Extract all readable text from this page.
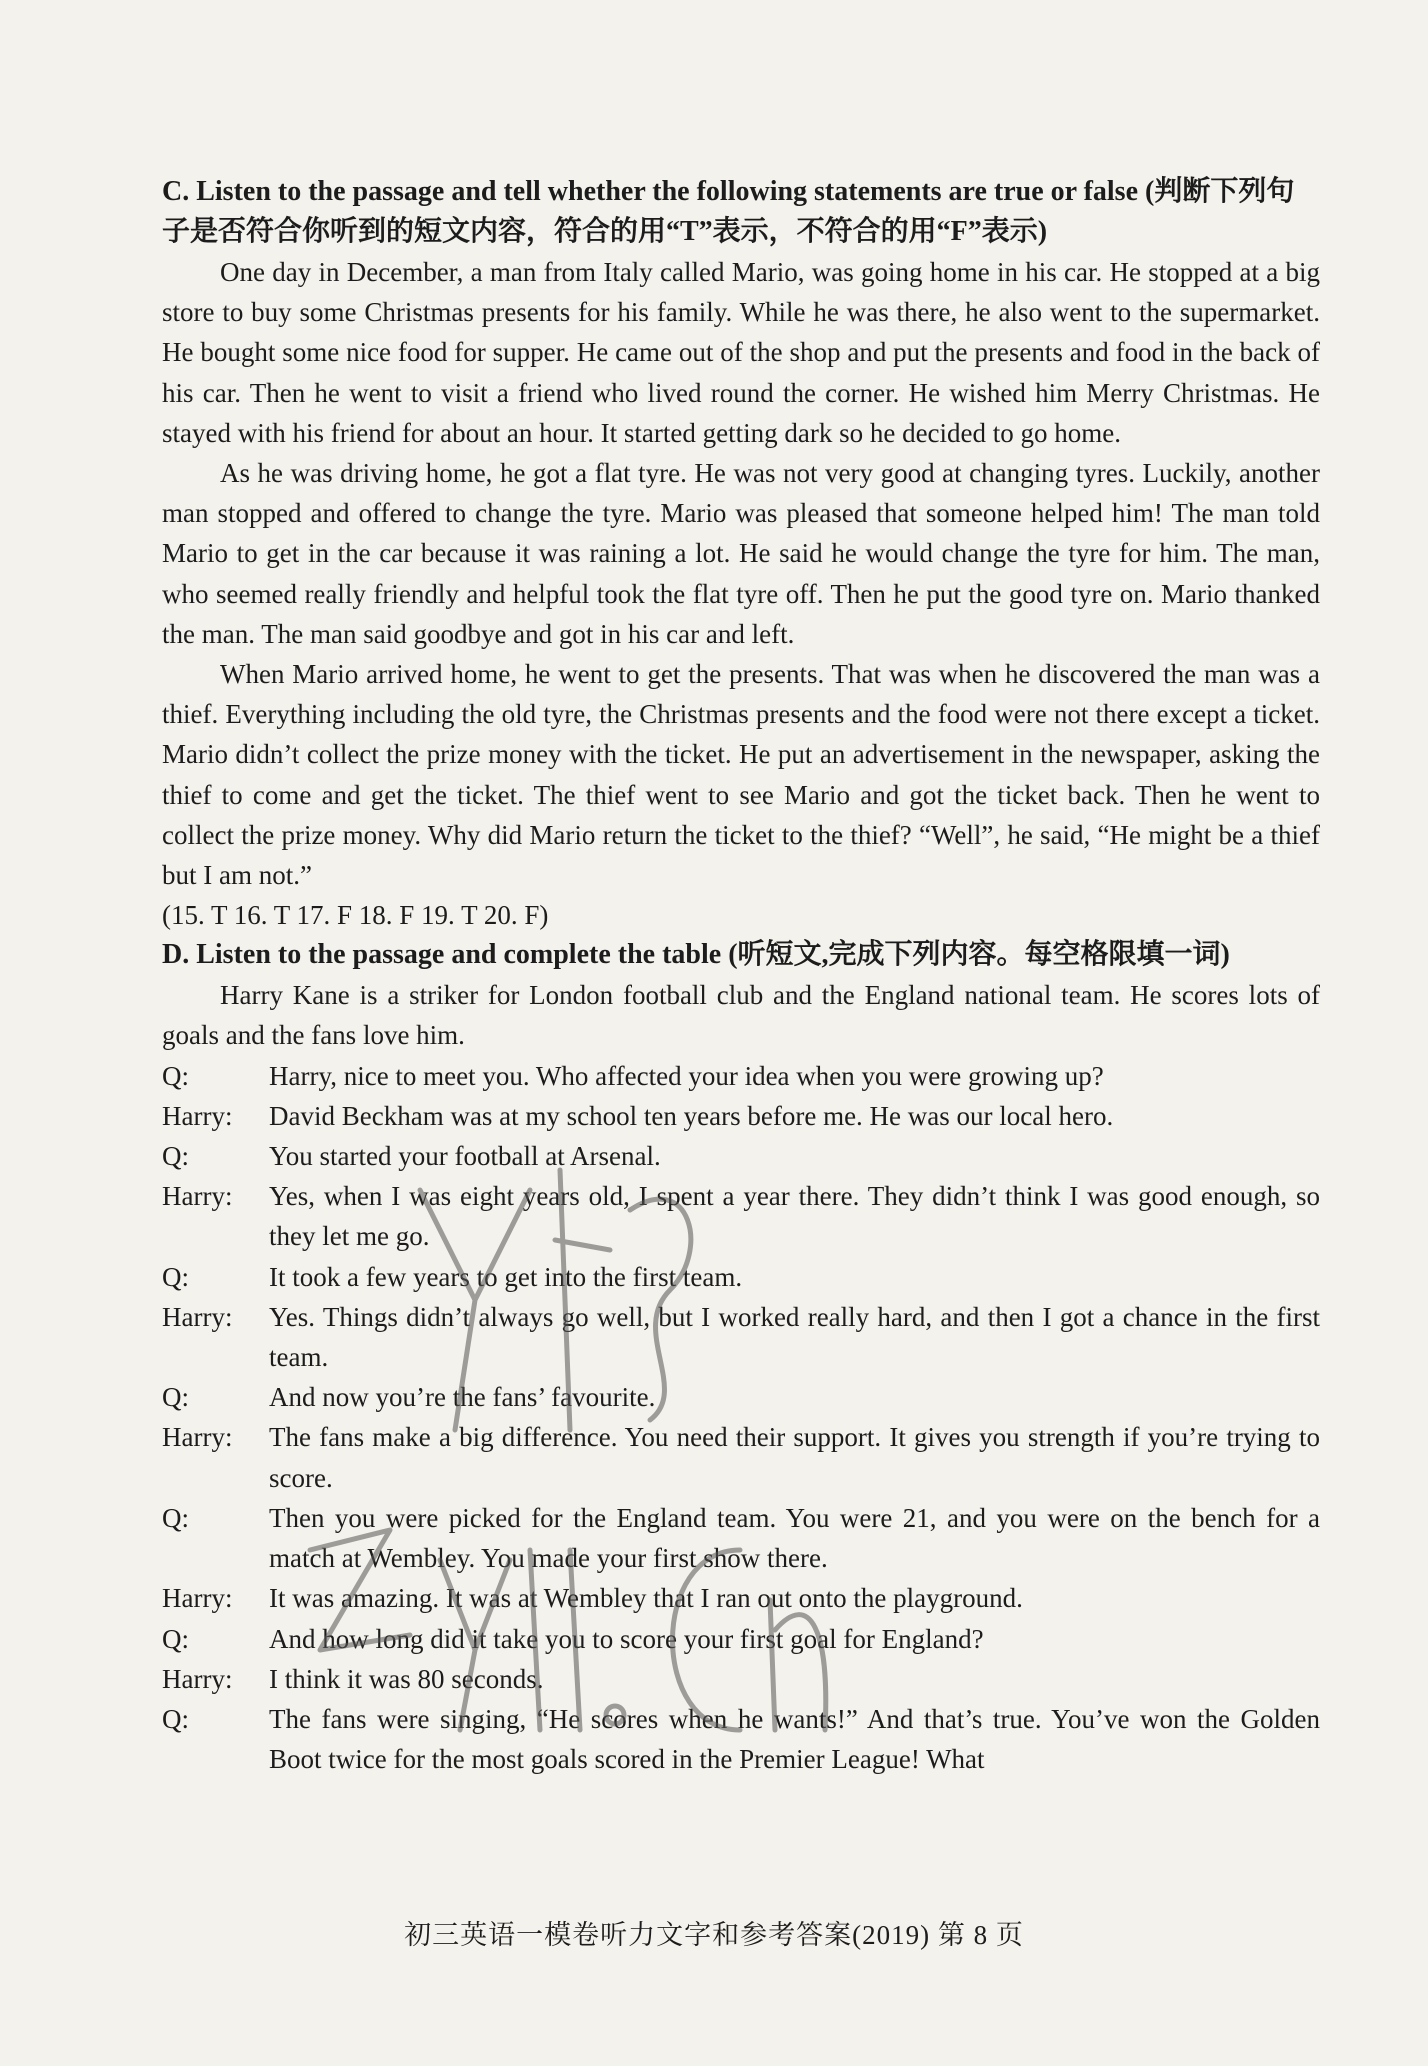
C. Listen to the passage and tell whether the following statements are true or false (判断下列句子是否符合你听到的短文内容，符合的用“T”表示，不符合的用“F”表示)

One day in December, a man from Italy called Mario, was going home in his car. He stopped at a big store to buy some Christmas presents for his family. While he was there, he also went to the supermarket. He bought some nice food for supper. He came out of the shop and put the presents and food in the back of his car. Then he went to visit a friend who lived round the corner. He wished him Merry Christmas. He stayed with his friend for about an hour. It started getting dark so he decided to go home.

As he was driving home, he got a flat tyre. He was not very good at changing tyres. Luckily, another man stopped and offered to change the tyre. Mario was pleased that someone helped him! The man told Mario to get in the car because it was raining a lot. He said he would change the tyre for him. The man, who seemed really friendly and helpful took the flat tyre off. Then he put the good tyre on. Mario thanked the man. The man said goodbye and got in his car and left.

When Mario arrived home, he went to get the presents. That was when he discovered the man was a thief. Everything including the old tyre, the Christmas presents and the food were not there except a ticket. Mario didn’t collect the prize money with the ticket. He put an advertisement in the newspaper, asking the thief to come and get the ticket. The thief went to see Mario and got the ticket back. Then he went to collect the prize money. Why did Mario return the ticket to the thief? “Well”, he said, “He might be a thief but I am not.”

(15. T 16. T 17. F 18. F 19. T 20. F)

D. Listen to the passage and complete the table (听短文,完成下列内容。每空格限填一词)

Harry Kane is a striker for London football club and the England national team. He scores lots of goals and the fans love him.

Q:	Harry, nice to meet you. Who affected your idea when you were growing up?
Harry:	David Beckham was at my school ten years before me. He was our local hero.
Q:	You started your football at Arsenal.
Harry:	Yes, when I was eight years old, I spent a year there. They didn’t think I was good enough, so they let me go.
Q:	It took a few years to get into the first team.
Harry:	Yes. Things didn’t always go well, but I worked really hard, and then I got a chance in the first team.
Q:	And now you’re the fans’ favourite.
Harry:	The fans make a big difference. You need their support. It gives you strength if you’re trying to score.
Q:	Then you were picked for the England team. You were 21, and you were on the bench for a match at Wembley. You made your first show there.
Harry:	It was amazing. It was at Wembley that I ran out onto the playground.
Q:	And how long did it take you to score your first goal for England?
Harry:	I think it was 80 seconds.
Q:	The fans were singing, “He scores when he wants!” And that’s true. You’ve won the Golden Boot twice for the most goals scored in the Premier League! What
初三英语一模卷听力文字和参考答案(2019) 第 8 页
